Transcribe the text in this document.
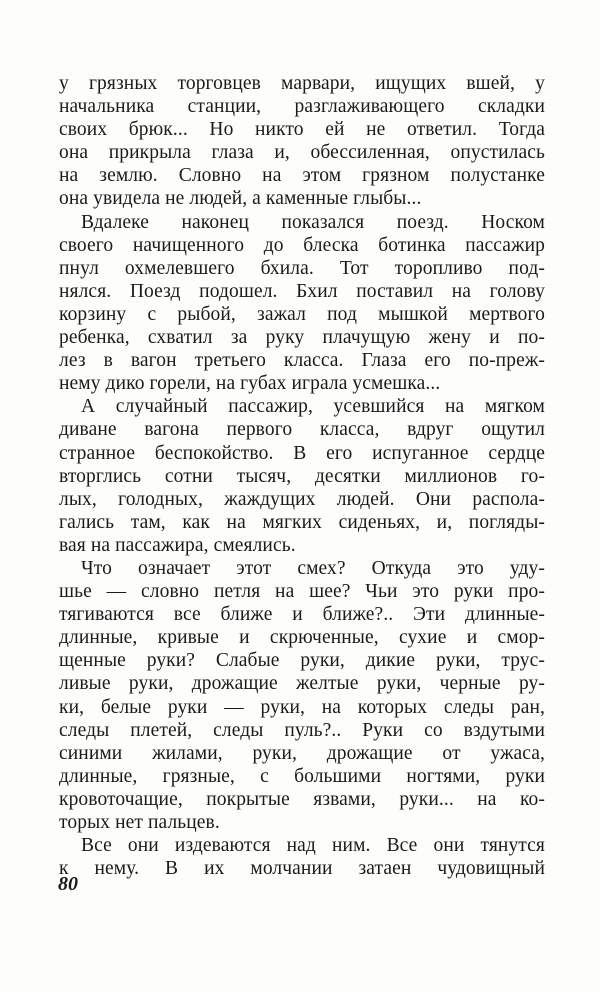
у грязных торговцев марвари, ищущих вшей, у
начальника станции, разглаживающего складки
своих брюк... Но никто ей не ответил. Тогда
она прикрыла глаза и, обессиленная, опустилась
на землю. Словно на этом грязном полустанке
она увидела не людей, а каменные глыбы...
Вдалеке наконец показался поезд. Носком
своего начищенного до блеска ботинка пассажир
пнул охмелевшего бхила. Тот торопливо под-
нялся. Поезд подошел. Бхил поставил на голову
корзину с рыбой, зажал под мышкой мертвого
ребенка, схватил за руку плачущую жену и по-
лез в вагон третьего класса. Глаза его по-преж-
нему дико горели, на губах играла усмешка...
А случайный пассажир, усевшийся на мягком
диване вагона первого класса, вдруг ощутил
странное беспокойство. В его испуганное сердце
вторглись сотни тысяч, десятки миллионов го-
лых, голодных, жаждущих людей. Они распола-
гались там, как на мягких сиденьях, и, погляды-
вая на пассажира, смеялись.
Что означает этот смех? Откуда это уду-
шье — словно петля на шее? Чьи это руки про-
тягиваются все ближе и ближе?.. Эти длинные-
длинные, кривые и скрюченные, сухие и смор-
щенные руки? Слабые руки, дикие руки, трус-
ливые руки, дрожащие желтые руки, черные ру-
ки, белые руки — руки, на которых следы ран,
следы плетей, следы пуль?.. Руки со вздутыми
синими жилами, руки, дрожащие от ужаса,
длинные, грязные, с большими ногтями, руки
кровоточащие, покрытые язвами, руки... на ко-
торых нет пальцев.
Все они издеваются над ним. Все они тянутся
к нему. В их молчании затаен чудовищный
80
